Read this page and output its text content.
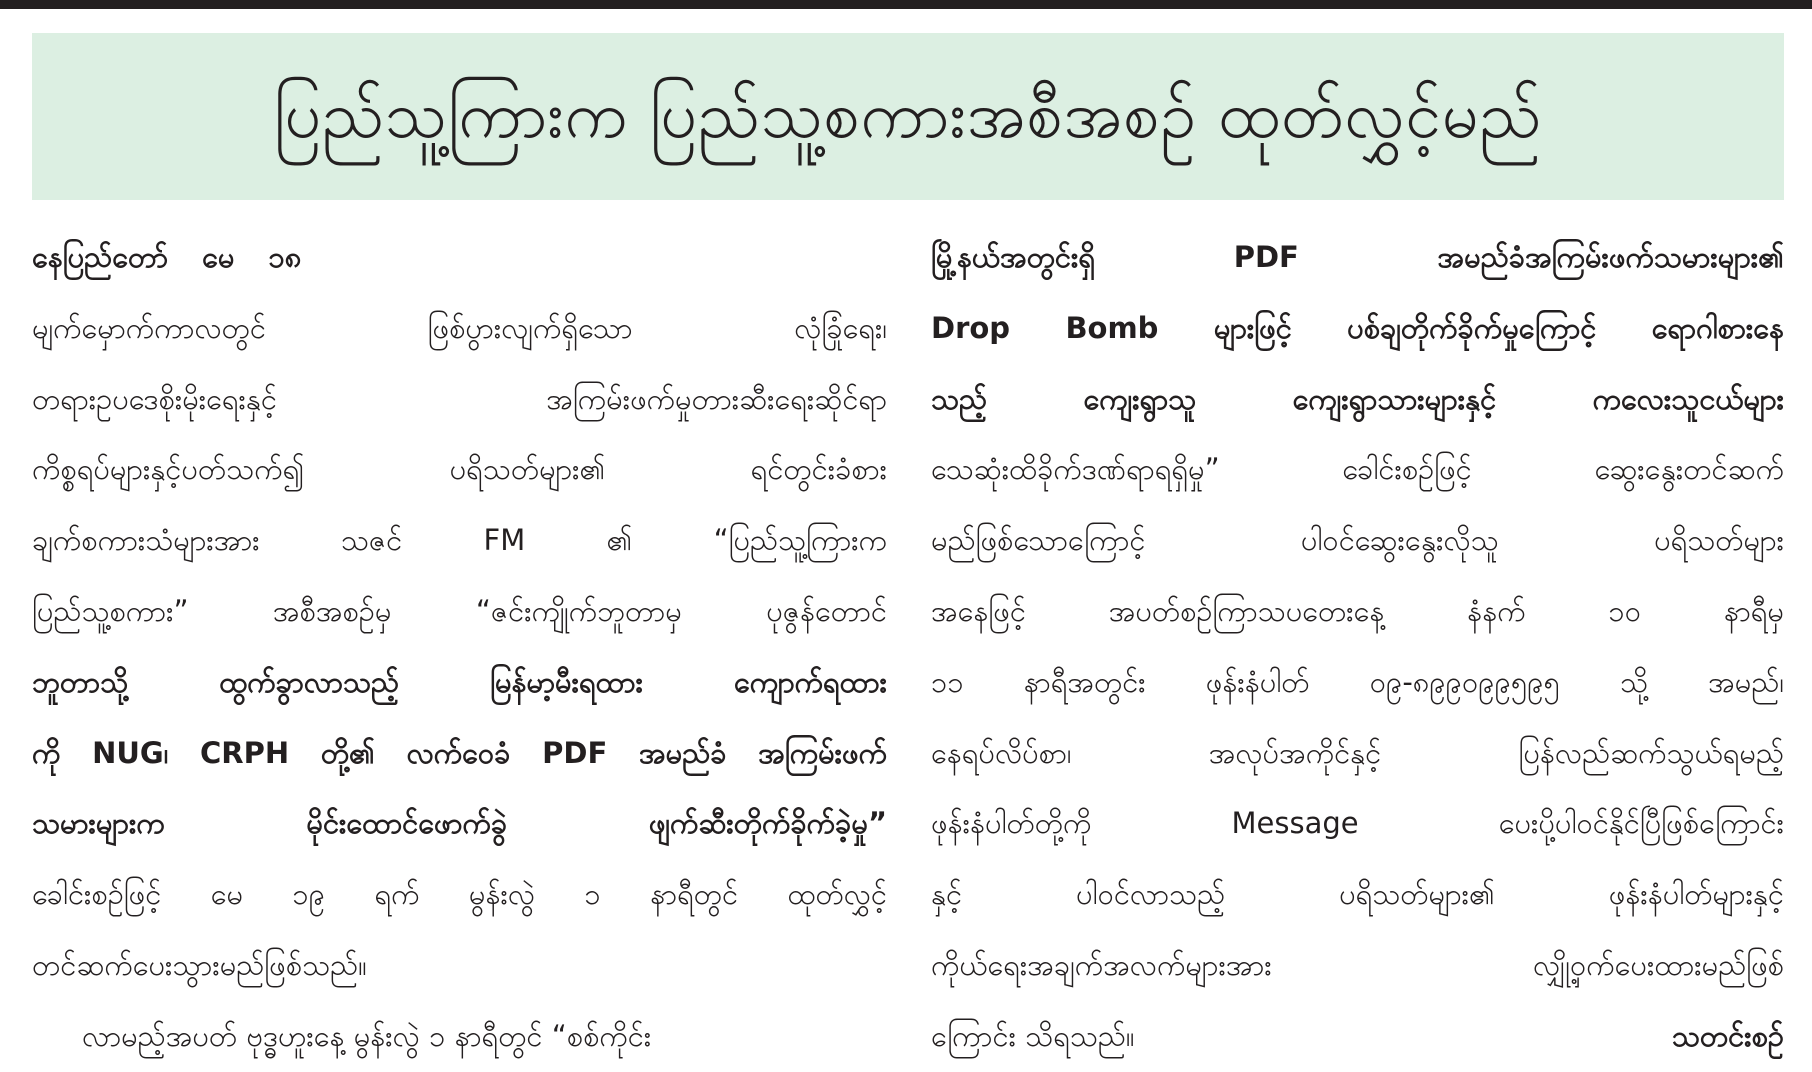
ပြည်သူ့ကြားက ပြည်သူ့စကားအစီအစဉ် ထုတ်လွှင့်မည်
နေပြည်တော် မေ ၁၈
မျက်မှောက်ကာလတွင် ဖြစ်ပွားလျက်ရှိသော လုံခြုံရေး၊
တရားဥပဒေစိုးမိုးရေးနှင့် အကြမ်းဖက်မှုတားဆီးရေးဆိုင်ရာ
ကိစ္စရပ်များနှင့်ပတ်သက်၍ ပရိသတ်များ၏ ရင်တွင်းခံစား
ချက်စကားသံများအား သဇင် FM ၏ “ပြည်သူ့ကြားက
ပြည်သူ့စကား” အစီအစဉ်မှ “ဇင်းကျိုက်ဘူတာမှ ပုဇွန်တောင်
ဘူတာသို့ ထွက်ခွာလာသည့် မြန်မာ့မီးရထား ကျောက်ရထား
ကို NUG၊ CRPH တို့၏ လက်ဝေခံ PDF အမည်ခံ အကြမ်းဖက်
သမားများက မိုင်းထောင်ဖောက်ခွဲ ဖျက်ဆီးတိုက်ခိုက်ခဲ့မှု”
ခေါင်းစဉ်ဖြင့် မေ ၁၉ ရက် မွန်းလွဲ ၁ နာရီတွင် ထုတ်လွှင့်
တင်ဆက်ပေးသွားမည်ဖြစ်သည်။
လာမည့်အပတ် ဗုဒ္ဓဟူးနေ့ မွန်းလွဲ ၁ နာရီတွင် “စစ်ကိုင်း
မြို့နယ်အတွင်းရှိ PDF အမည်ခံအကြမ်းဖက်သမားများ၏
Drop Bomb များဖြင့် ပစ်ချတိုက်ခိုက်မှုကြောင့် ရောဂါစားနေ
သည့် ကျေးရွာသူ ကျေးရွာသားများနှင့် ကလေးသူငယ်များ
သေဆုံးထိခိုက်ဒဏ်ရာရရှိမှု” ခေါင်းစဉ်ဖြင့် ဆွေးနွေးတင်ဆက်
မည်ဖြစ်သောကြောင့် ပါဝင်ဆွေးနွေးလိုသူ ပရိသတ်များ
အနေဖြင့် အပတ်စဉ်ကြာသပတေးနေ့ နံနက် ၁၀ နာရီမှ
၁၁ နာရီအတွင်း ဖုန်းနံပါတ် ၀၉-၈၉၉၀၉၉၅၉၅ သို့ အမည်၊
နေရပ်လိပ်စာ၊ အလုပ်အကိုင်နှင့် ပြန်လည်ဆက်သွယ်ရမည့်
ဖုန်းနံပါတ်တို့ကို Message ပေးပို့ပါဝင်နိုင်ပြီဖြစ်ကြောင်း
နှင့် ပါဝင်လာသည့် ပရိသတ်များ၏ ဖုန်းနံပါတ်များနှင့်
ကိုယ်ရေးအချက်အလက်များအား လျှို့ဝှက်ပေးထားမည်ဖြစ်
ကြောင်း သိရသည်။	သတင်းစဉ်
